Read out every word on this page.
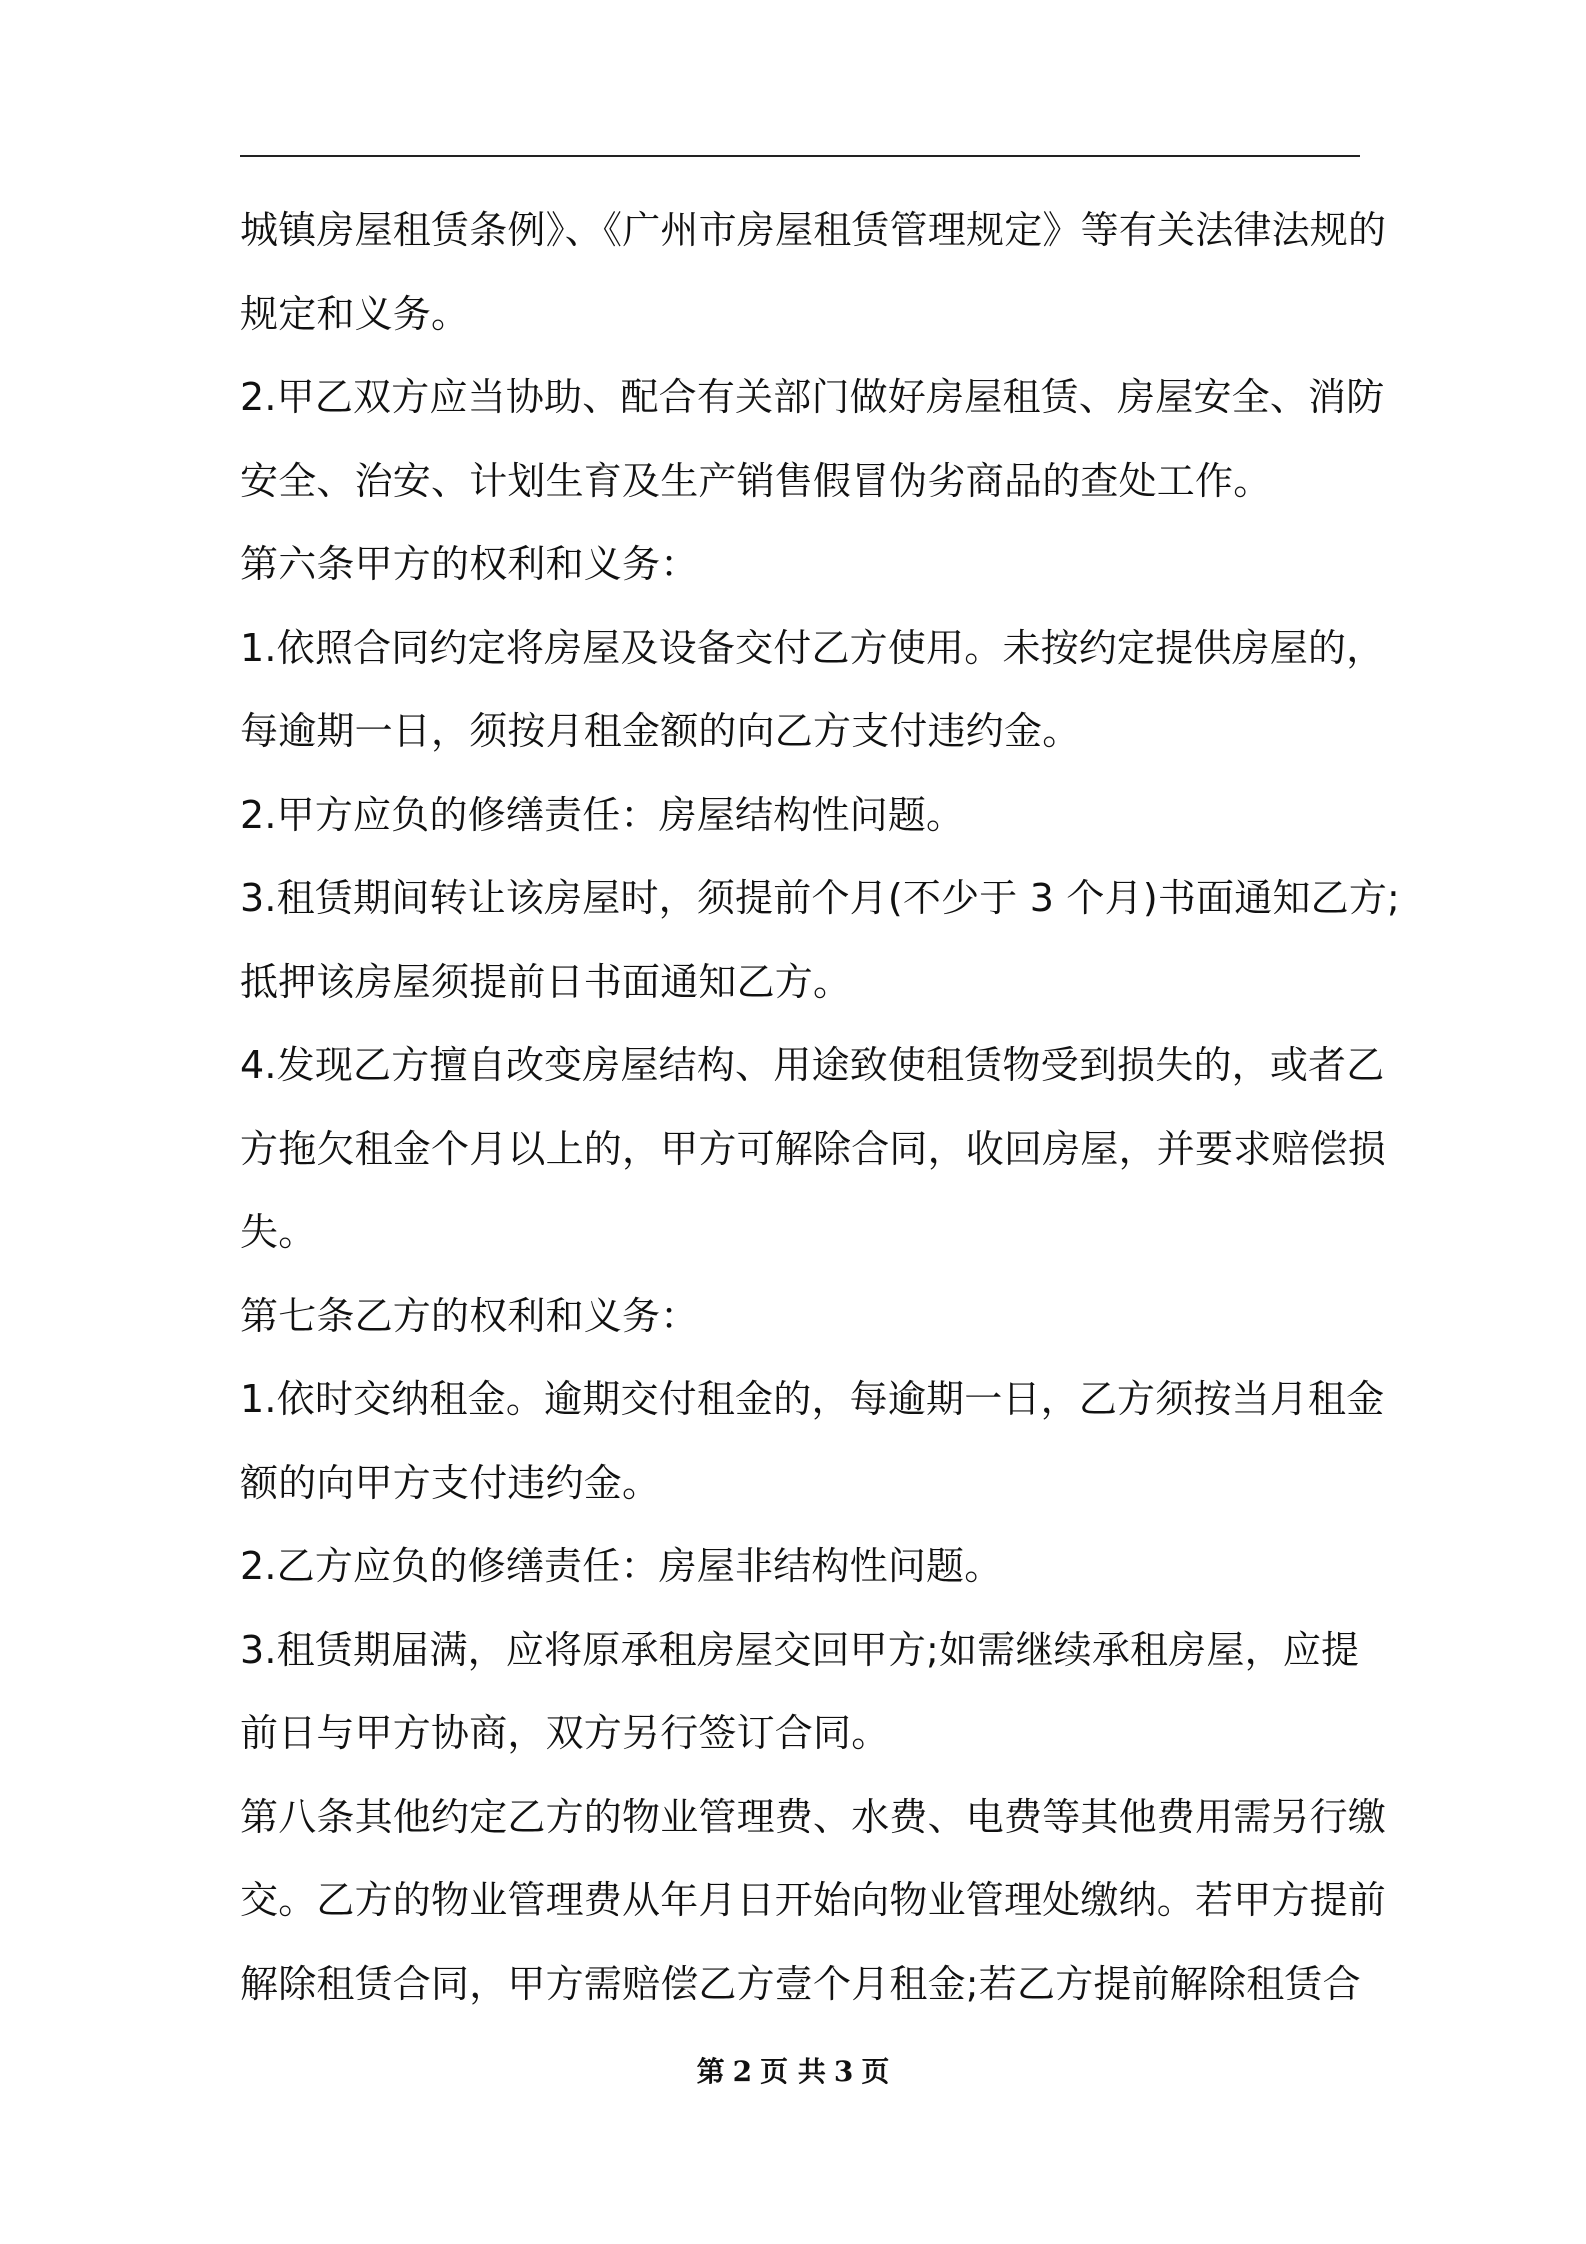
城镇房屋租赁条例》、《广州市房屋租赁管理规定》等有关法律法规的
规定和义务。
2.甲乙双方应当协助、配合有关部门做好房屋租赁、房屋安全、消防
安全、治安、计划生育及生产销售假冒伪劣商品的查处工作。
第六条甲方的权利和义务：
1.依照合同约定将房屋及设备交付乙方使用。未按约定提供房屋的，
每逾期一日，须按月租金额的向乙方支付违约金。
2.甲方应负的修缮责任：房屋结构性问题。
3.租赁期间转让该房屋时，须提前个月(不少于 3 个月)书面通知乙方;
抵押该房屋须提前日书面通知乙方。
4.发现乙方擅自改变房屋结构、用途致使租赁物受到损失的，或者乙
方拖欠租金个月以上的，甲方可解除合同，收回房屋，并要求赔偿损
失。
第七条乙方的权利和义务：
1.依时交纳租金。逾期交付租金的，每逾期一日，乙方须按当月租金
额的向甲方支付违约金。
2.乙方应负的修缮责任：房屋非结构性问题。
3.租赁期届满，应将原承租房屋交回甲方;如需继续承租房屋，应提
前日与甲方协商，双方另行签订合同。
第八条其他约定乙方的物业管理费、水费、电费等其他费用需另行缴
交。乙方的物业管理费从年月日开始向物业管理处缴纳。若甲方提前
解除租赁合同，甲方需赔偿乙方壹个月租金;若乙方提前解除租赁合
第 2 页 共 3 页
